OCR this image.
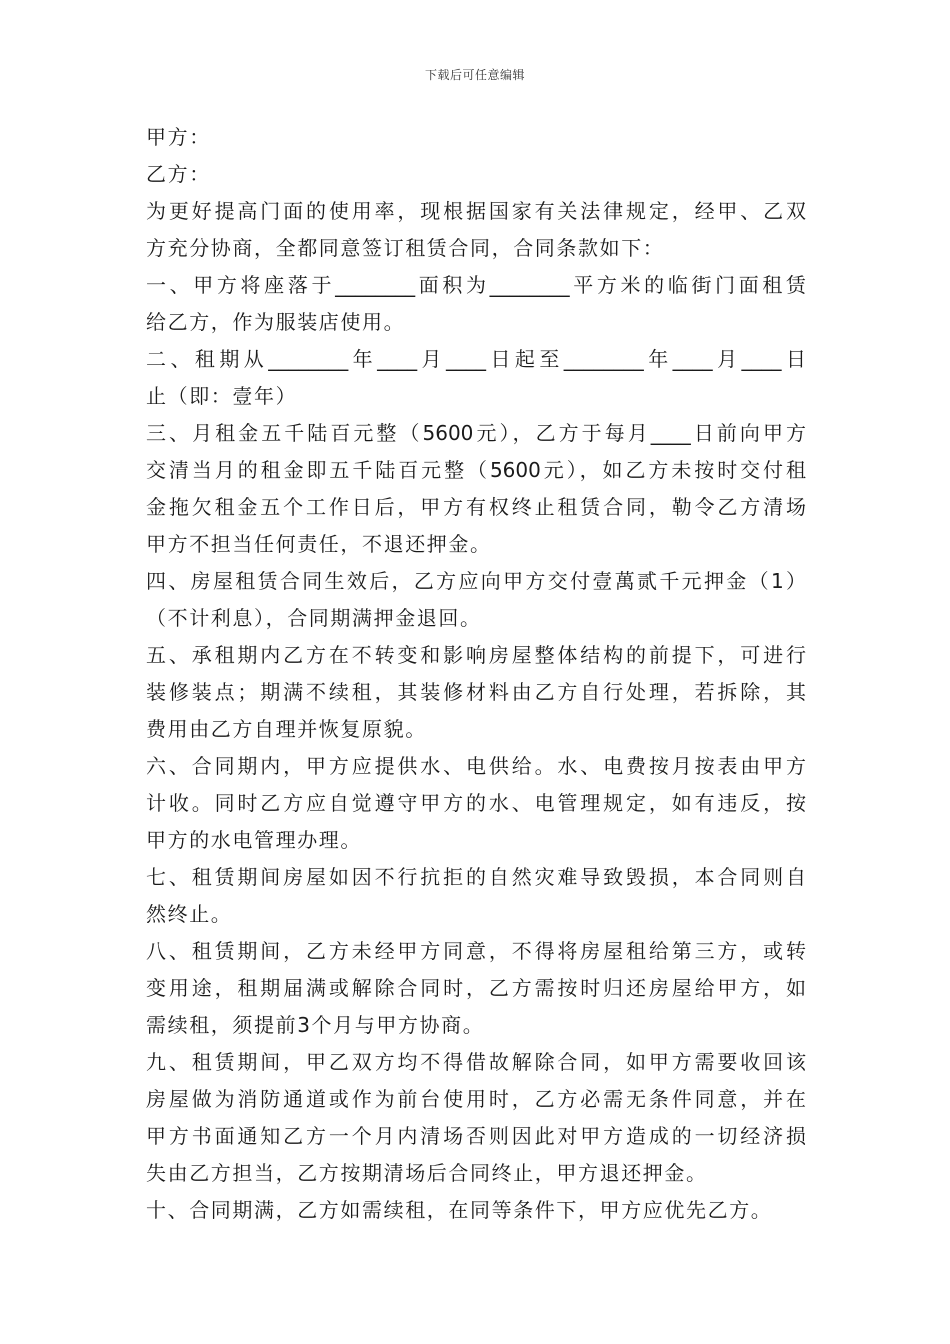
下载后可任意编辑
甲方：
乙方：
为更好提高门面的使用率，现根据国家有关法律规定，经甲、乙双
方充分协商，全都同意签订租赁合同，合同条款如下：
一、甲方将座落于________面积为________平方米的临街门面租赁
给乙方，作为服装店使用。
二、租期从________年____月____日起至________年____月____日
止（即：壹年）
三、月租金五千陆百元整（5600元），乙方于每月____日前向甲方
交清当月的租金即五千陆百元整（5600元），如乙方未按时交付租
金拖欠租金五个工作日后，甲方有权终止租赁合同，勒令乙方清场
甲方不担当任何责任，不退还押金。
四、房屋租赁合同生效后，乙方应向甲方交付壹萬贰千元押金（1）
（不计利息），合同期满押金退回。
五、承租期内乙方在不转变和影响房屋整体结构的前提下，可进行
装修装点；期满不续租，其装修材料由乙方自行处理，若拆除，其
费用由乙方自理并恢复原貌。
六、合同期内，甲方应提供水、电供给。水、电费按月按表由甲方
计收。同时乙方应自觉遵守甲方的水、电管理规定，如有违反，按
甲方的水电管理办理。
七、租赁期间房屋如因不行抗拒的自然灾难导致毁损，本合同则自
然终止。
八、租赁期间，乙方未经甲方同意，不得将房屋租给第三方，或转
变用途，租期届满或解除合同时，乙方需按时归还房屋给甲方，如
需续租，须提前3个月与甲方协商。
九、租赁期间，甲乙双方均不得借故解除合同，如甲方需要收回该
房屋做为消防通道或作为前台使用时，乙方必需无条件同意，并在
甲方书面通知乙方一个月内清场否则因此对甲方造成的一切经济损
失由乙方担当，乙方按期清场后合同终止，甲方退还押金。
十、合同期满，乙方如需续租，在同等条件下，甲方应优先乙方。
